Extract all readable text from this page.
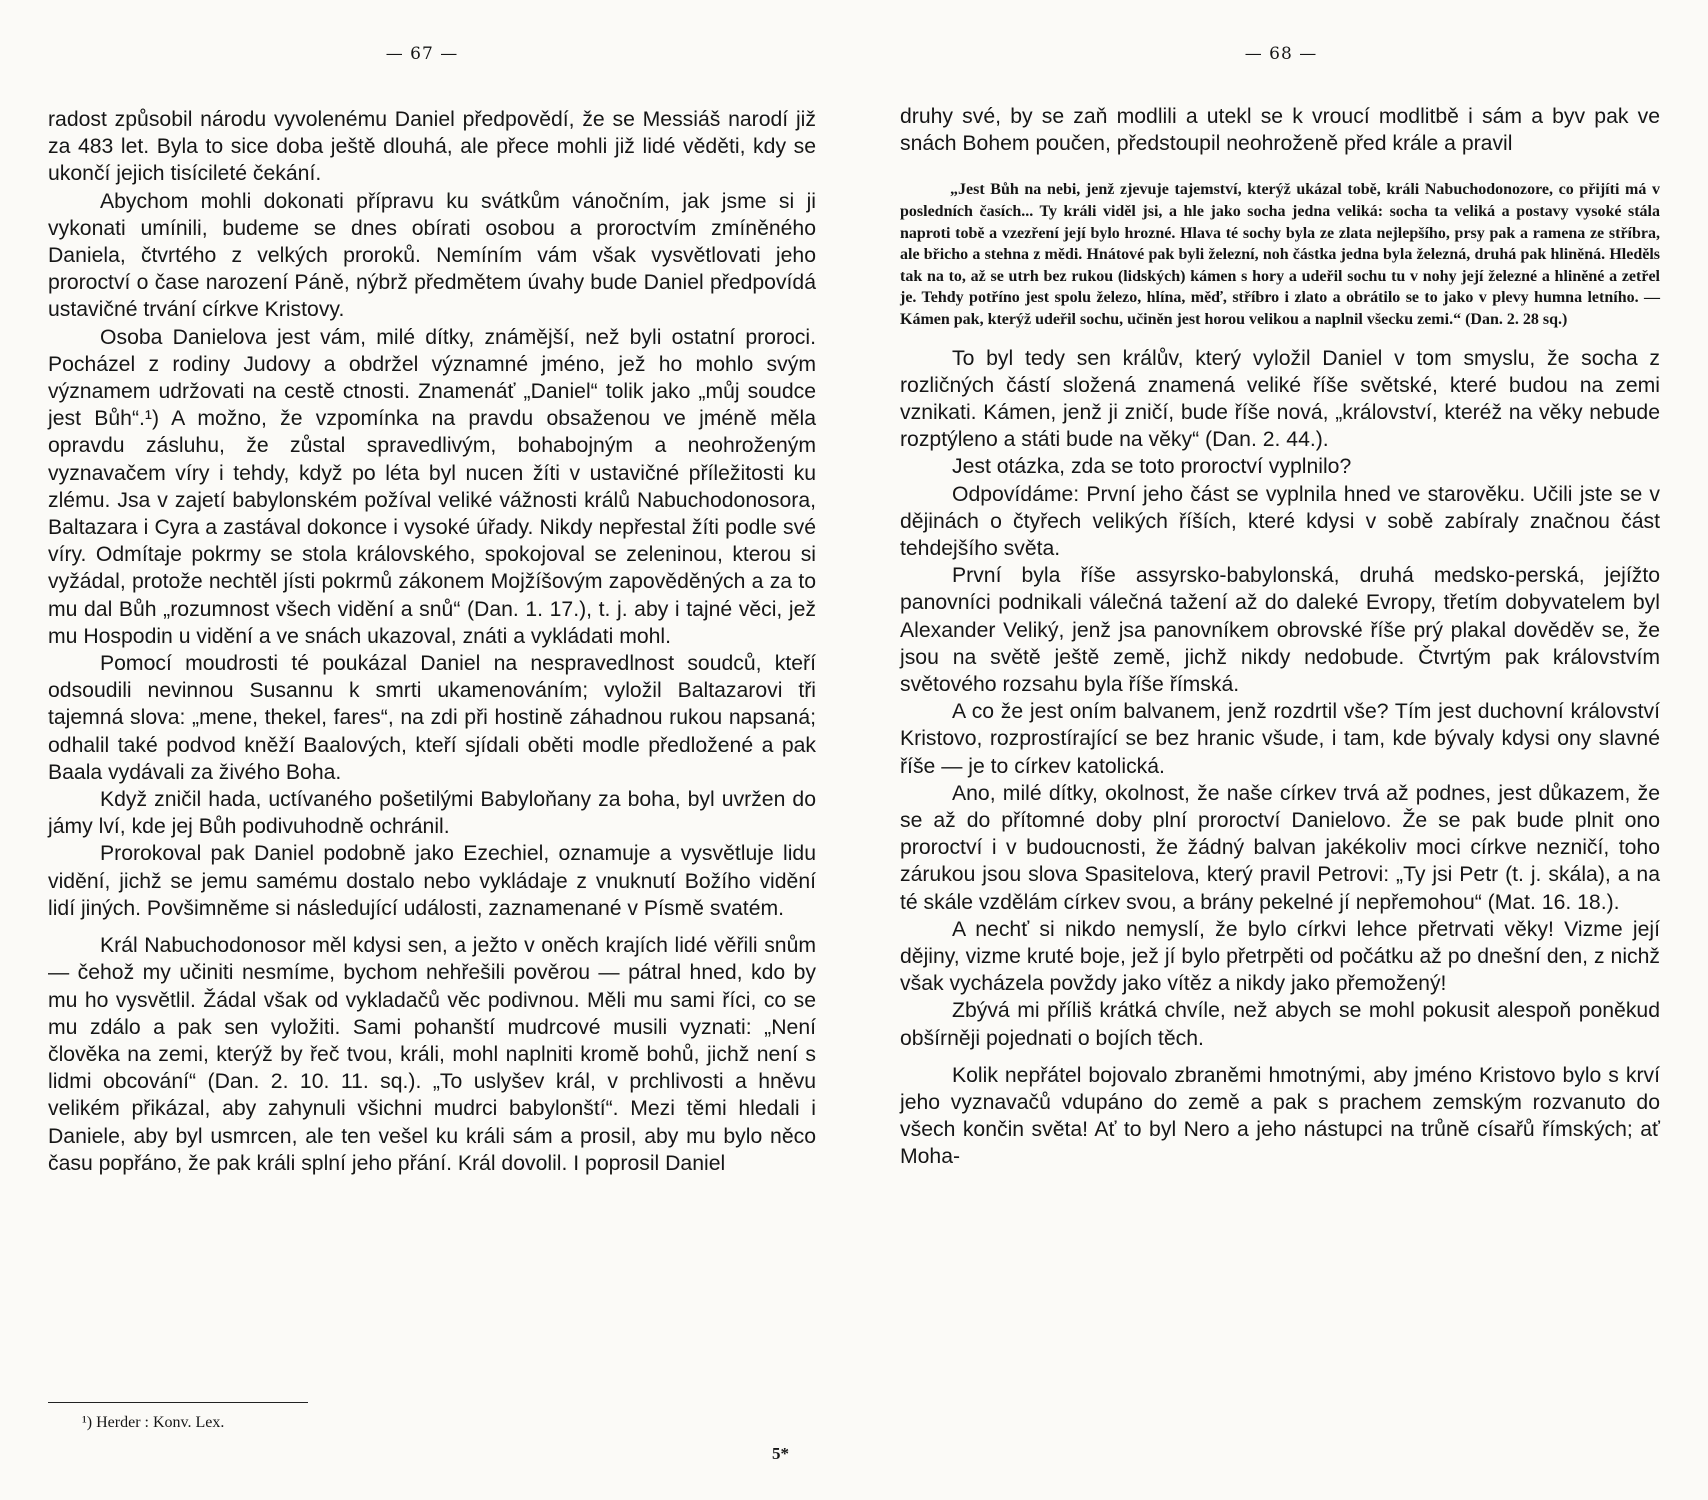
— 67 —

radost způsobil národu vyvolenému Daniel předpovědí, že se Messiáš narodí již za 483 let. Byla to sice doba ještě dlouhá, ale přece mohli již lidé věděti, kdy se ukončí jejich tisícileté čekání.

Abychom mohli dokonati přípravu ku svátkům vánočním, jak jsme si ji vykonati umínili, budeme se dnes obírati osobou a proroctvím zmíněného Daniela, čtvrtého z velkých proroků. Nemíním vám však vysvětlovati jeho proroctví o čase narození Páně, nýbrž předmětem úvahy bude Daniel předpovídá ustavičné trvání církve Kristovy.

Osoba Danielova jest vám, milé dítky, známější, než byli ostatní proroci. Pocházel z rodiny Judovy a obdržel významné jméno, jež ho mohlo svým významem udržovati na cestě ctnosti. Znamenáť „Daniel“ tolik jako „můj soudce jest Bůh“.¹) A možno, že vzpomínka na pravdu obsaženou ve jméně měla opravdu zásluhu, že zůstal spravedlivým, bohabojným a neohroženým vyznavačem víry i tehdy, když po léta byl nucen žíti v ustavičné příležitosti ku zlému. Jsa v zajetí babylonském požíval veliké vážnosti králů Nabuchodonosora, Baltazara i Cyra a zastával dokonce i vysoké úřady. Nikdy nepřestal žíti podle své víry. Odmítaje pokrmy se stola královského, spokojoval se zeleninou, kterou si vyžádal, protože nechtěl jísti pokrmů zákonem Mojžíšovým zapověděných a za to mu dal Bůh „rozumnost všech vidění a snů“ (Dan. 1. 17.), t. j. aby i tajné věci, jež mu Hospodin u vidění a ve snách ukazoval, znáti a vykládati mohl.

Pomocí moudrosti té poukázal Daniel na nespravedlnost soudců, kteří odsoudili nevinnou Susannu k smrti ukamenováním; vyložil Baltazarovi tři tajemná slova: „mene, thekel, fares“, na zdi při hostině záhadnou rukou napsaná; odhalil také podvod kněží Baalových, kteří sjídali oběti modle předložené a pak Baala vydávali za živého Boha.

Když zničil hada, uctívaného pošetilými Babyloňany za boha, byl uvržen do jámy lví, kde jej Bůh podivuhodně ochránil.

Prorokoval pak Daniel podobně jako Ezechiel, oznamuje a vysvětluje lidu vidění, jichž se jemu samému dostalo nebo vykládaje z vnuknutí Božího vidění lidí jiných. Povšimněme si následující události, zaznamenané v Písmě svatém.

Král Nabuchodonosor měl kdysi sen, a ježto v oněch krajích lidé věřili snům — čehož my učiniti nesmíme, bychom nehřešili pověrou — pátral hned, kdo by mu ho vysvětlil. Žádal však od vykladačů věc podivnou. Měli mu sami říci, co se mu zdálo a pak sen vyložiti. Sami pohanští mudrcové musili vyznati: „Není člověka na zemi, kterýž by řeč tvou, králi, mohl naplniti kromě bohů, jichž není s lidmi obcování“ (Dan. 2. 10. 11. sq.). „To uslyšev král, v prchlivosti a hněvu velikém přikázal, aby zahynuli všichni mudrci babylonští“. Mezi těmi hledali i Daniele, aby byl usmrcen, ale ten vešel ku králi sám a prosil, aby mu bylo něco času popřáno, že pak králi splní jeho přání. Král dovolil. I poprosil Daniel

¹) Herder : Konv. Lex.
5*
— 68 —

druhy své, by se zaň modlili a utekl se k vroucí modlitbě i sám a byv pak ve snách Bohem poučen, předstoupil neohroženě před krále a pravil

„Jest Bůh na nebi, jenž zjevuje tajemství, kterýž ukázal tobě, králi Nabuchodonozore, co přijíti má v posledních časích... Ty králi viděl jsi, a hle jako socha jedna veliká: socha ta veliká a postavy vysoké stála naproti tobě a vzezření její bylo hrozné. Hlava té sochy byla ze zlata nejlepšího, prsy pak a ramena ze stříbra, ale břicho a stehna z mědi. Hnátové pak byli železní, noh částka jedna byla železná, druhá pak hliněná. Hleděls tak na to, až se utrh bez rukou (lidských) kámen s hory a udeřil sochu tu v nohy její železné a hliněné a zetřel je. Tehdy potříno jest spolu železo, hlína, měď, stříbro i zlato a obrátilo se to jako v plevy humna letního. — Kámen pak, kterýž udeřil sochu, učiněn jest horou velikou a naplnil všecku zemi.“ (Dan. 2. 28 sq.)

To byl tedy sen králův, který vyložil Daniel v tom smyslu, že socha z rozličných částí složená znamená veliké říše světské, které budou na zemi vznikati. Kámen, jenž ji zničí, bude říše nová, „království, kteréž na věky nebude rozptýleno a státi bude na věky“ (Dan. 2. 44.).

Jest otázka, zda se toto proroctví vyplnilo?

Odpovídáme: První jeho část se vyplnila hned ve starověku. Učili jste se v dějinách o čtyřech velikých říších, které kdysi v sobě zabíraly značnou část tehdejšího světa.

První byla říše assyrsko-babylonská, druhá medsko-perská, jejížto panovníci podnikali válečná tažení až do daleké Evropy, třetím dobyvatelem byl Alexander Veliký, jenž jsa panovníkem obrovské říše prý plakal dověděv se, že jsou na světě ještě země, jichž nikdy nedobude. Čtvrtým pak královstvím světového rozsahu byla říše římská.

A co že jest oním balvanem, jenž rozdrtil vše? Tím jest duchovní království Kristovo, rozprostírající se bez hranic všude, i tam, kde bývaly kdysi ony slavné říše — je to církev katolická.

Ano, milé dítky, okolnost, že naše církev trvá až podnes, jest důkazem, že se až do přítomné doby plní proroctví Danielovo. Že se pak bude plnit ono proroctví i v budoucnosti, že žádný balvan jakékoliv moci církve nezničí, toho zárukou jsou slova Spasitelova, který pravil Petrovi: „Ty jsi Petr (t. j. skála), a na té skále vzdělám církev svou, a brány pekelné jí nepřemohou“ (Mat. 16. 18.).

A nechť si nikdo nemyslí, že bylo církvi lehce přetrvati věky! Vizme její dějiny, vizme kruté boje, jež jí bylo přetrpěti od počátku až po dnešní den, z nichž však vycházela povždy jako vítěz a nikdy jako přemožený!

Zbývá mi příliš krátká chvíle, než abych se mohl pokusit alespoň poněkud obšírněji pojednati o bojích těch.

Kolik nepřátel bojovalo zbraněmi hmotnými, aby jméno Kristovo bylo s krví jeho vyznavačů vdupáno do země a pak s prachem zemským rozvanuto do všech končin světa! Ať to byl Nero a jeho nástupci na trůně císařů římských; ať Moha-
